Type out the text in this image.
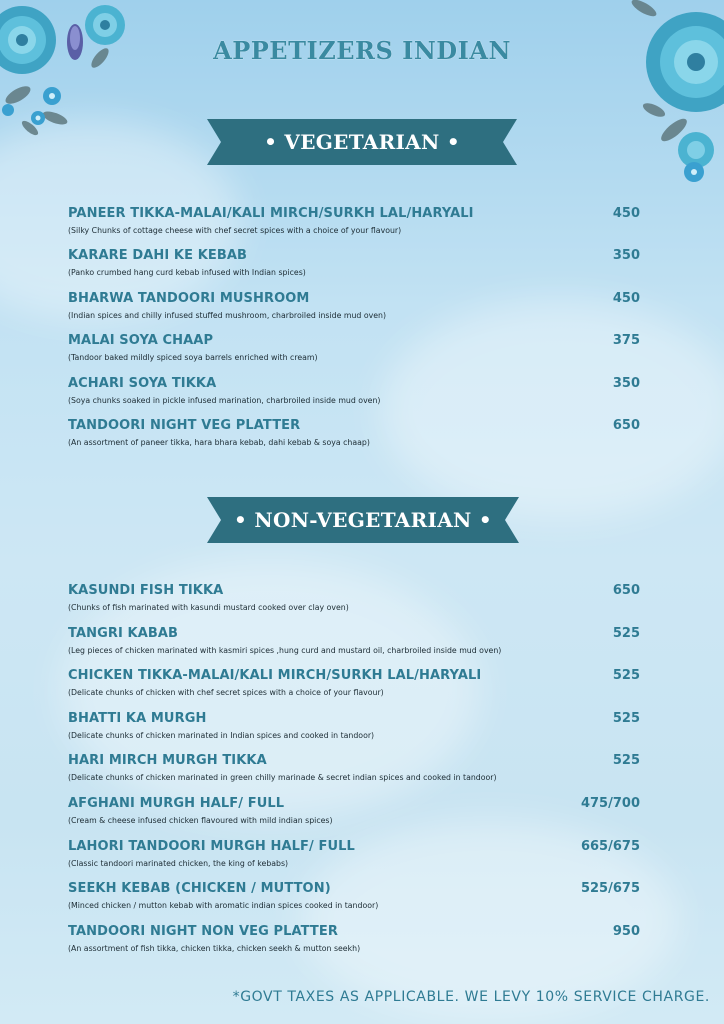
APPETIZERS INDIAN
• VEGETARIAN •
• NON-VEGETARIAN •
PANEER TIKKA-MALAI/KALI MIRCH/SURKH LAL/HARYALI	450
(Silky Chunks of cottage cheese with chef secret spices with a choice of your flavour)
KARARE DAHI KE KEBAB	350
(Panko crumbed hang curd kebab infused with Indian spices)
BHARWA TANDOORI MUSHROOM	450
(Indian spices and chilly infused stuffed mushroom, charbroiled inside mud oven)
MALAI SOYA CHAAP	375
(Tandoor baked mildly spiced soya barrels enriched with cream)
ACHARI SOYA TIKKA	350
(Soya chunks soaked in pickle infused marination, charbroiled inside mud oven)
TANDOORI NIGHT VEG PLATTER	650
(An assortment of paneer tikka, hara bhara kebab, dahi kebab & soya chaap)
KASUNDI FISH TIKKA	650
(Chunks of fish marinated with kasundi mustard cooked over clay oven)
TANGRI KABAB	525
(Leg pieces of chicken marinated with kasmiri spices ,hung curd and mustard oil, charbroiled inside mud oven)
CHICKEN TIKKA-MALAI/KALI MIRCH/SURKH LAL/HARYALI	525
(Delicate chunks of chicken with chef secret spices with a choice of your flavour)
BHATTI KA MURGH	525
(Delicate chunks of chicken marinated in Indian spices and cooked in tandoor)
HARI MIRCH MURGH TIKKA	525
(Delicate chunks of chicken marinated in green chilly marinade & secret indian spices and cooked in tandoor)
AFGHANI MURGH HALF/ FULL	475/700
(Cream & cheese infused chicken flavoured with mild indian spices)
LAHORI TANDOORI MURGH HALF/ FULL	665/675
(Classic tandoori marinated chicken, the king of kebabs)
SEEKH KEBAB (CHICKEN / MUTTON)	525/675
(Minced chicken / mutton kebab with aromatic indian spices cooked in tandoor)
TANDOORI NIGHT NON VEG PLATTER	950
(An assortment of fish tikka, chicken tikka, chicken seekh & mutton seekh)
*GOVT TAXES AS APPLICABLE. WE LEVY 10% SERVICE CHARGE.
